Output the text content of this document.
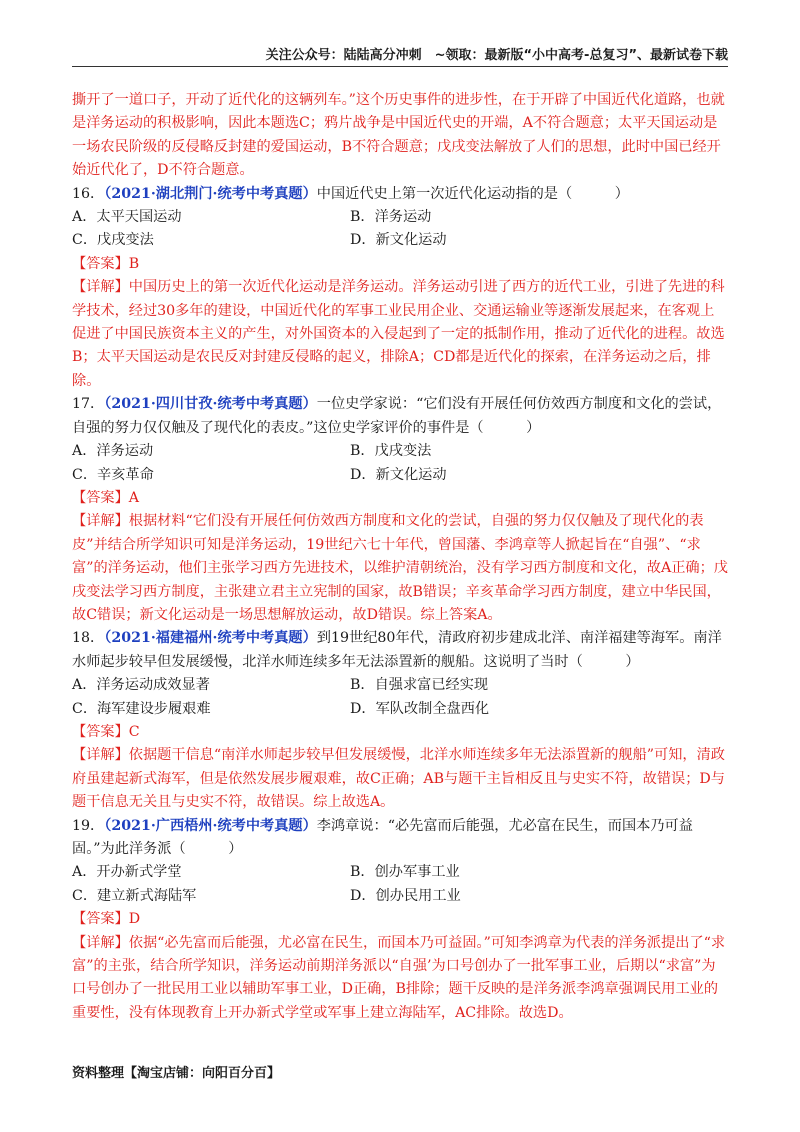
关注公众号：陆陆高分冲刺　~领取：最新版“小中高考-总复习”、最新试卷下载

撕开了一道口子，开动了近代化的这辆列车。”这个历史事件的进步性，在于开辟了中国近代化道路，也就是洋务运动的积极影响，因此本题选C；鸦片战争是中国近代史的开端，A不符合题意；太平天国运动是一场农民阶级的反侵略反封建的爱国运动，B不符合题意；戊戌变法解放了人们的思想，此时中国已经开始近代化了，D不符合题意。

16．（2021·湖北荆门·统考中考真题）中国近代史上第一次近代化运动指的是（　　　）

A．太平天国运动	B．洋务运动
C．戊戌变法	D．新文化运动

【答案】B

【详解】中国历史上的第一次近代化运动是洋务运动。洋务运动引进了西方的近代工业，引进了先进的科学技术，经过30多年的建设，中国近代化的军事工业民用企业、交通运输业等逐渐发展起来，在客观上促进了中国民族资本主义的产生，对外国资本的入侵起到了一定的抵制作用，推动了近代化的进程。故选B；太平天国运动是农民反对封建反侵略的起义，排除A；CD都是近代化的探索，在洋务运动之后，排除。

17．（2021·四川甘孜·统考中考真题）一位史学家说：“它们没有开展任何仿效西方制度和文化的尝试，自强的努力仅仅触及了现代化的表皮。”这位史学家评价的事件是（　　　）

A．洋务运动	B．戊戌变法
C．辛亥革命	D．新文化运动

【答案】A

【详解】根据材料“它们没有开展任何仿效西方制度和文化的尝试，自强的努力仅仅触及了现代化的表皮”并结合所学知识可知是洋务运动，19世纪六七十年代，曾国藩、李鸿章等人掀起旨在“自强”、“求富”的洋务运动，他们主张学习西方先进技术，以维护清朝统治，没有学习西方制度和文化，故A正确；戊戌变法学习西方制度，主张建立君主立宪制的国家，故B错误；辛亥革命学习西方制度，建立中华民国，故C错误；新文化运动是一场思想解放运动，故D错误。综上答案A。

18．（2021·福建福州·统考中考真题）到19世纪80年代，清政府初步建成北洋、南洋福建等海军。南洋水师起步较早但发展缓慢，北洋水师连续多年无法添置新的舰船。这说明了当时（　　　）

A．洋务运动成效显著	B．自强求富已经实现
C．海军建设步履艰难	D．军队改制全盘西化

【答案】C

【详解】依据题干信息“南洋水师起步较早但发展缓慢，北洋水师连续多年无法添置新的舰船”可知，清政府虽建起新式海军，但是依然发展步履艰难，故C正确；AB与题干主旨相反且与史实不符，故错误；D与题干信息无关且与史实不符，故错误。综上故选A。

19．（2021·广西梧州·统考中考真题）李鸿章说：“必先富而后能强，尤必富在民生，而国本乃可益固。”为此洋务派（　　　）

A．开办新式学堂	B．创办军事工业
C．建立新式海陆军	D．创办民用工业

【答案】D

【详解】依据“必先富而后能强，尤必富在民生，而国本乃可益固。”可知李鸿章为代表的洋务派提出了“求富”的主张，结合所学知识，洋务运动前期洋务派以“自强’为口号创办了一批军事工业，后期以“求富”为口号创办了一批民用工业以辅助军事工业，D正确，B排除；题干反映的是洋务派李鸿章强调民用工业的重要性，没有体现教育上开办新式学堂或军事上建立海陆军，AC排除。故选D。

资料整理【淘宝店铺：向阳百分百】
